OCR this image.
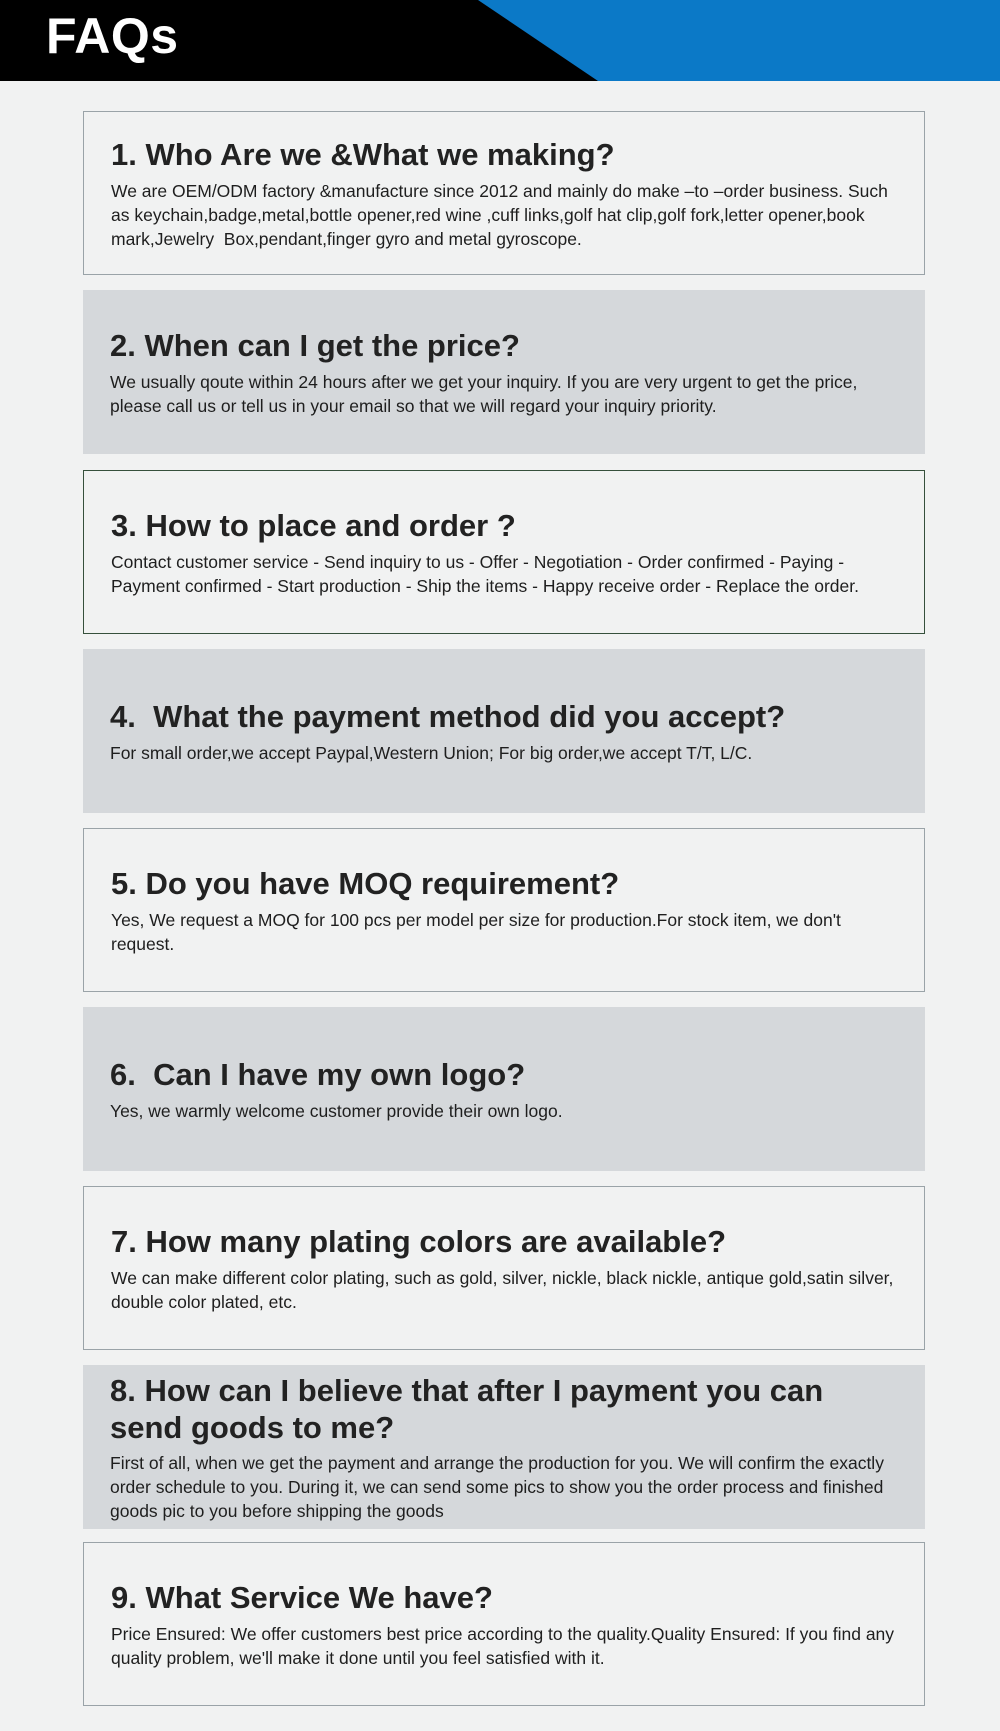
FAQs
1. Who Are we &What we making?
We are OEM/ODM factory &manufacture since 2012 and mainly do make –to –order business. Such as keychain,badge,metal,bottle opener,red wine ,cuff links,golf hat clip,golf fork,letter opener,book mark,Jewelry  Box,pendant,finger gyro and metal gyroscope.
2. When can I get the price?
We usually qoute within 24 hours after we get your inquiry. If you are very urgent to get the price, please call us or tell us in your email so that we will regard your inquiry priority.
3. How to place and order ?
Contact customer service - Send inquiry to us - Offer - Negotiation - Order confirmed - Paying - Payment confirmed - Start production - Ship the items - Happy receive order - Replace the order.
4.  What the payment method did you accept?
For small order,we accept Paypal,Western Union; For big order,we accept T/T, L/C.
5. Do you have MOQ requirement?
Yes, We request a MOQ for 100 pcs per model per size for production.For stock item, we don't request.
6.  Can I have my own logo?
Yes, we warmly welcome customer provide their own logo.
7. How many plating colors are available?
We can make different color plating, such as gold, silver, nickle, black nickle, antique gold,satin silver, double color plated, etc.
8. How can I believe that after I payment you can send goods to me?
First of all, when we get the payment and arrange the production for you. We will confirm the exactly order schedule to you. During it, we can send some pics to show you the order process and finished goods pic to you before shipping the goods
9. What Service We have?
Price Ensured: We offer customers best price according to the quality.Quality Ensured: If you find any quality problem, we'll make it done until you feel satisfied with it.
